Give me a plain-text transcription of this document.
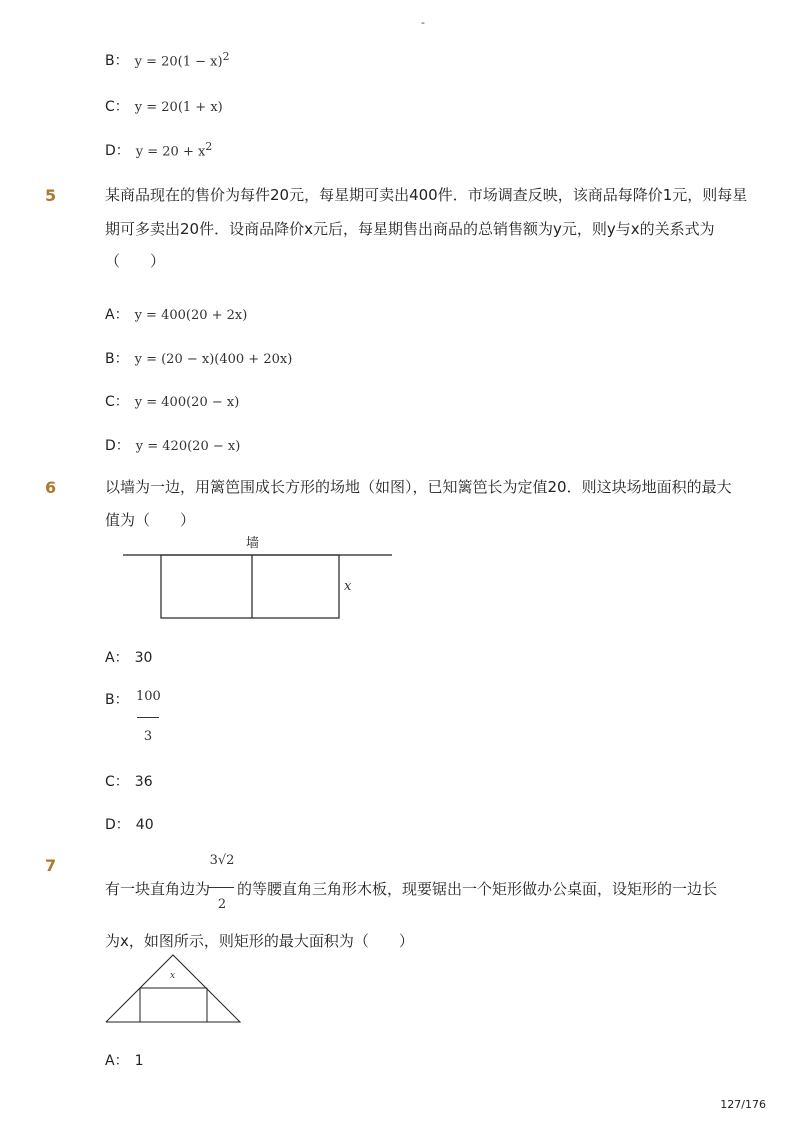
-
B： $y = 20(1 - x)^2$
C： y = 20(1 + x)
D： $y = 20 + x^2$
5	某商品现在的售价为每件20元，每星期可卖出400件．市场调查反映，该商品每降价1元，则每星
期可多卖出20件．设商品降价x元后，每星期售出商品的总销售额为y元，则y与x的关系式为
（　　）
A： y = 400(20 + 2x)
B： y = (20 − x)(400 + 20x)
C： y = 400(20 − x)
D： y = 420(20 − x)
6	以墙为一边，用篱笆围成长方形的场地（如图），已知篱笆长为定值20．则这块场地面积的最大
值为（　　）
墙
x
A： 30
B： 100
3
C： 36
D： 40
7	3√2
2
有一块直角边为 的等腰直角三角形木板，现要锯出一个矩形做办公桌面，设矩形的一边长
为x，如图所示，则矩形的最大面积为（　　）
x
A： 1
127/176
